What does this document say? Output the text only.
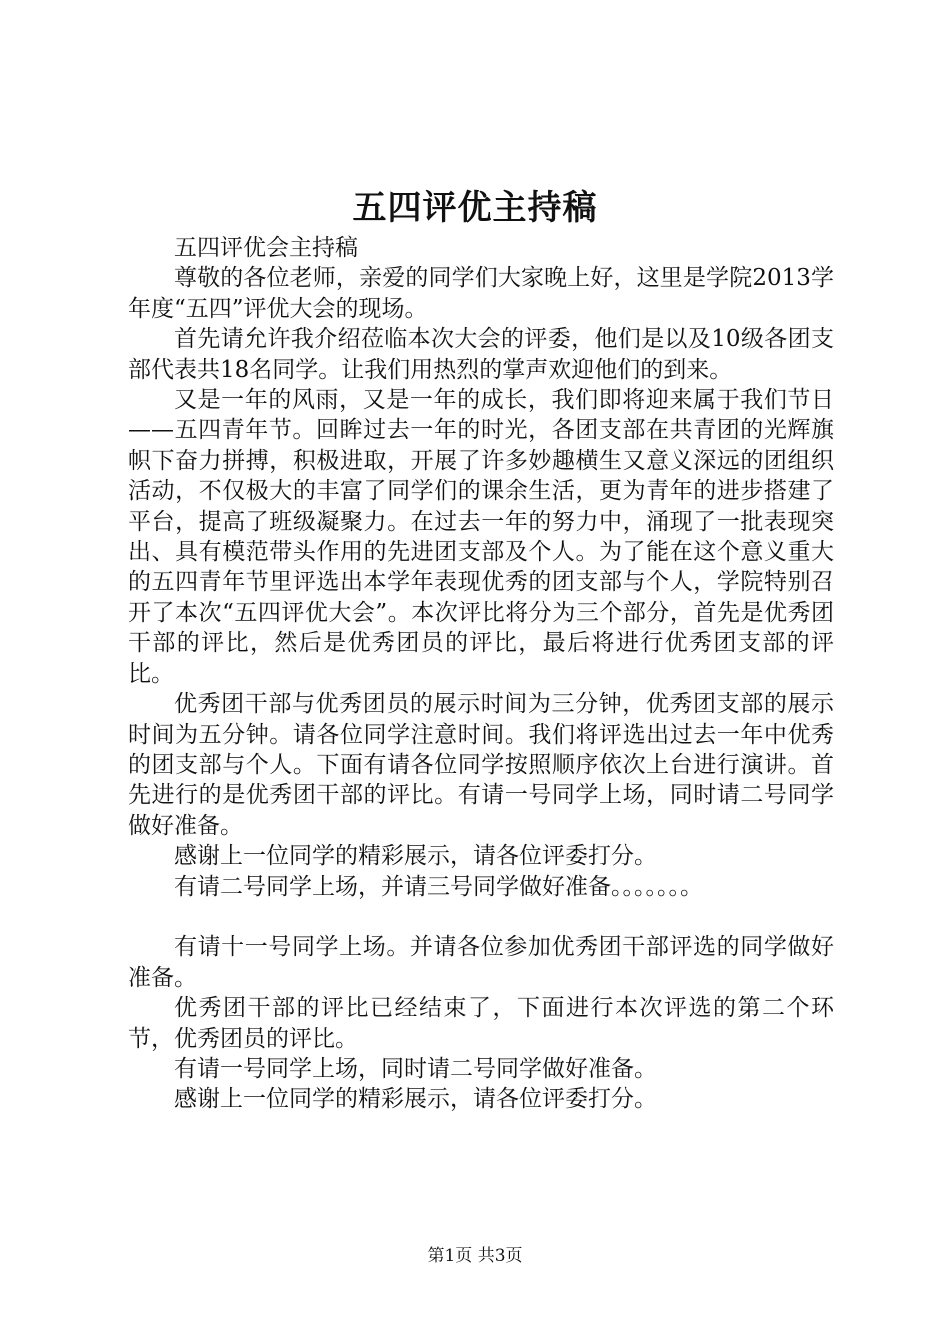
五四评优主持稿

五四评优会主持稿

尊敬的各位老师，亲爱的同学们大家晚上好，这里是学院2013学年度“五四”评优大会的现场。

首先请允许我介绍莅临本次大会的评委，他们是以及10级各团支部代表共18名同学。让我们用热烈的掌声欢迎他们的到来。

又是一年的风雨，又是一年的成长，我们即将迎来属于我们节日——五四青年节。回眸过去一年的时光，各团支部在共青团的光辉旗帜下奋力拼搏，积极进取，开展了许多妙趣横生又意义深远的团组织活动，不仅极大的丰富了同学们的课余生活，更为青年的进步搭建了平台，提高了班级凝聚力。在过去一年的努力中，涌现了一批表现突出、具有模范带头作用的先进团支部及个人。为了能在这个意义重大的五四青年节里评选出本学年表现优秀的团支部与个人，学院特别召开了本次“五四评优大会”。本次评比将分为三个部分，首先是优秀团干部的评比，然后是优秀团员的评比，最后将进行优秀团支部的评比。

优秀团干部与优秀团员的展示时间为三分钟，优秀团支部的展示时间为五分钟。请各位同学注意时间。我们将评选出过去一年中优秀的团支部与个人。下面有请各位同学按照顺序依次上台进行演讲。首先进行的是优秀团干部的评比。有请一号同学上场，同时请二号同学做好准备。

感谢上一位同学的精彩展示，请各位评委打分。

有请二号同学上场，并请三号同学做好准备。。。。。。。

有请十一号同学上场。并请各位参加优秀团干部评选的同学做好准备。

优秀团干部的评比已经结束了，下面进行本次评选的第二个环节，优秀团员的评比。

有请一号同学上场，同时请二号同学做好准备。

感谢上一位同学的精彩展示，请各位评委打分。

第1页 共3页
